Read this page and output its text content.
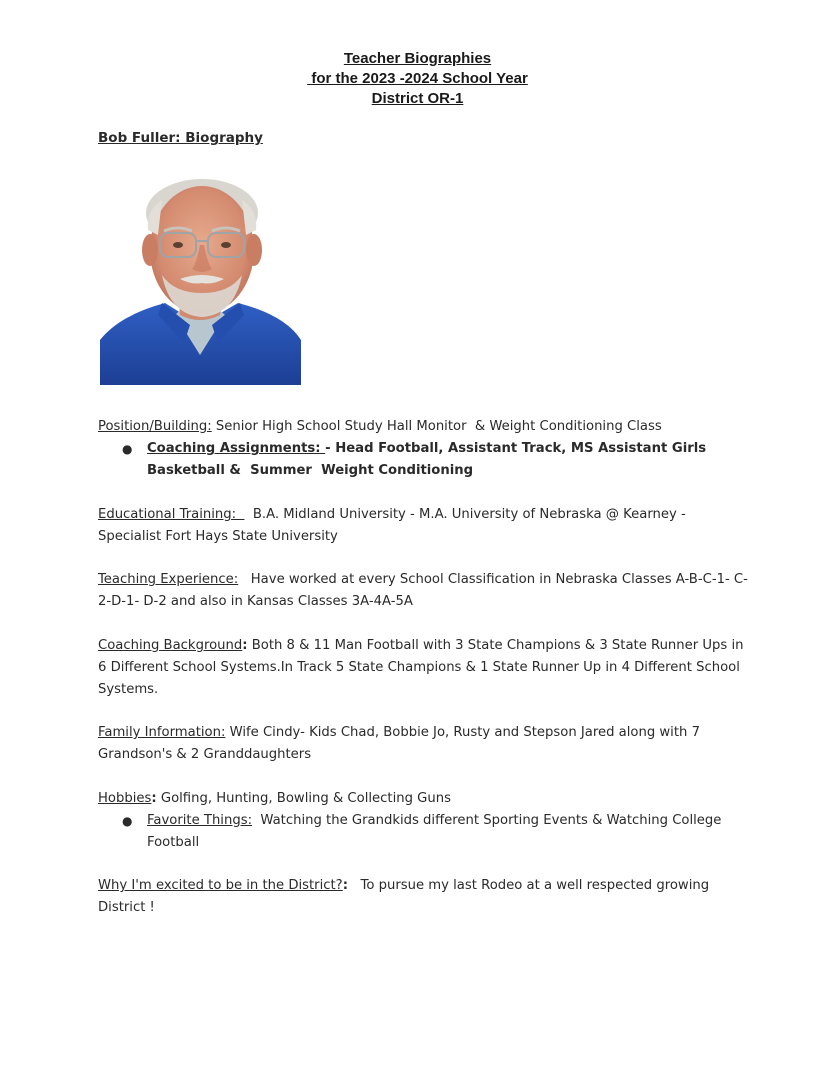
Teacher Biographies
for the 2023 -2024 School Year
District OR-1
Bob Fuller: Biography
Position/Building: Senior High School Study Hall Monitor  & Weight Conditioning Class
● Coaching Assignments: - Head Football, Assistant Track, MS Assistant Girls Basketball &  Summer  Weight Conditioning
Educational Training:    B.A. Midland University - M.A. University of Nebraska @ Kearney - Specialist Fort Hays State University
Teaching Experience:   Have worked at every School Classification in Nebraska Classes A-B-C-1- C-2-D-1- D-2 and also in Kansas Classes 3A-4A-5A
Coaching Background: Both 8 & 11 Man Football with 3 State Champions & 3 State Runner Ups in 6 Different School Systems.In Track 5 State Champions & 1 State Runner Up in 4 Different School Systems.
Family Information: Wife Cindy- Kids Chad, Bobbie Jo, Rusty and Stepson Jared along with 7 Grandson's & 2 Granddaughters
Hobbies: Golfing, Hunting, Bowling & Collecting Guns
● Favorite Things:  Watching the Grandkids different Sporting Events & Watching College Football
Why I'm excited to be in the District?:   To pursue my last Rodeo at a well respected growing District !
